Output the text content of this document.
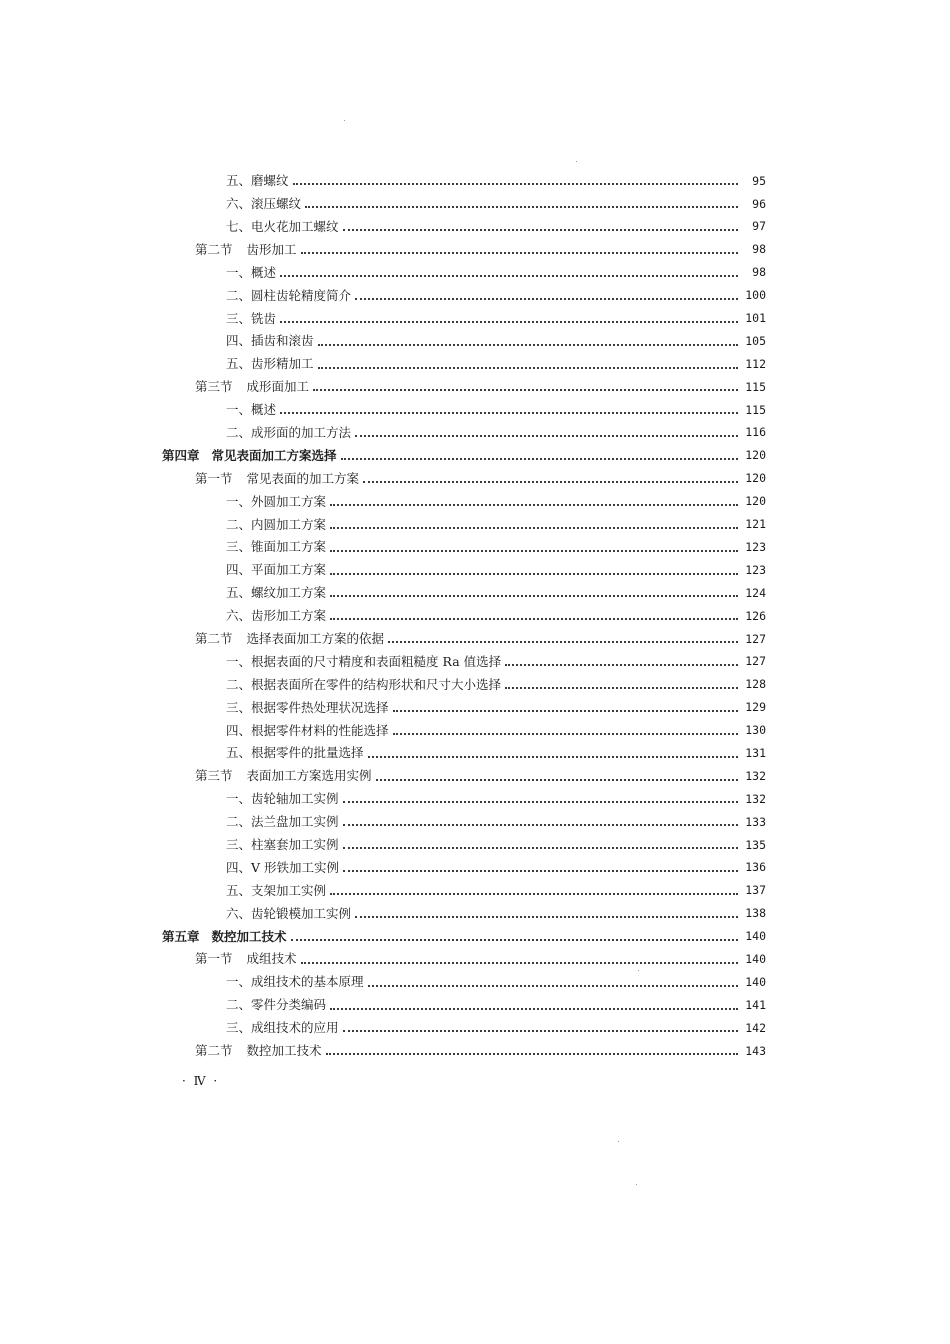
五、磨螺纹	95
六、滚压螺纹	96
七、电火花加工螺纹	97
第二节 齿形加工	98
一、概述	98
二、圆柱齿轮精度简介	100
三、铣齿	101
四、插齿和滚齿	105
五、齿形精加工	112
第三节 成形面加工	115
一、概述	115
二、成形面的加工方法	116
第四章 常见表面加工方案选择	120
第一节 常见表面的加工方案	120
一、外圆加工方案	120
二、内圆加工方案	121
三、锥面加工方案	123
四、平面加工方案	123
五、螺纹加工方案	124
六、齿形加工方案	126
第二节 选择表面加工方案的依据	127
一、根据表面的尺寸精度和表面粗糙度 Ra 值选择	127
二、根据表面所在零件的结构形状和尺寸大小选择	128
三、根据零件热处理状况选择	129
四、根据零件材料的性能选择	130
五、根据零件的批量选择	131
第三节 表面加工方案选用实例	132
一、齿轮轴加工实例	132
二、法兰盘加工实例	133
三、柱塞套加工实例	135
四、V 形铁加工实例	136
五、支架加工实例	137
六、齿轮锻模加工实例	138
第五章 数控加工技术	140
第一节 成组技术	140
一、成组技术的基本原理	140
二、零件分类编码	141
三、成组技术的应用	142
第二节 数控加工技术	143
· Ⅳ ·
